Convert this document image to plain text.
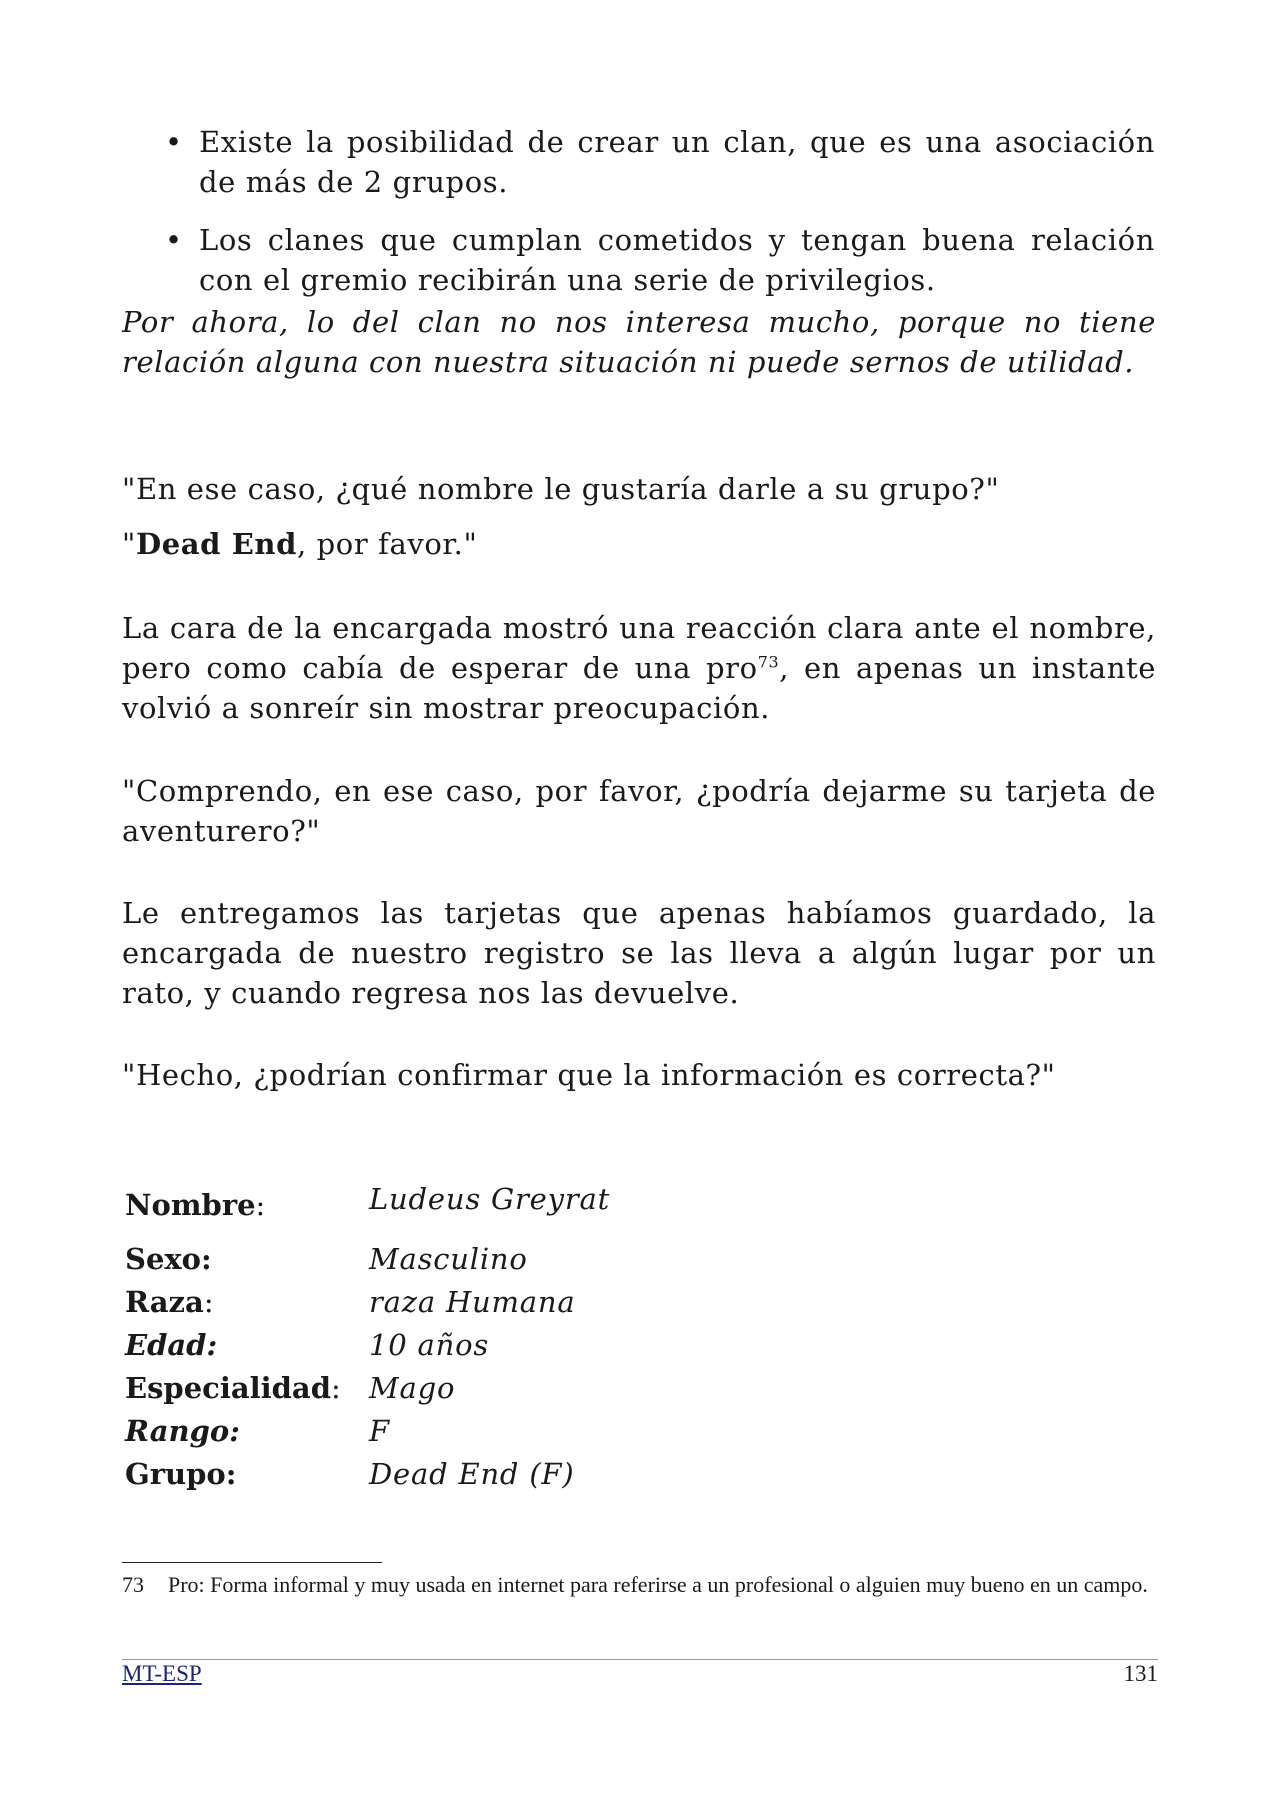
• Existe la posibilidad de crear un clan, que es una asociación de más de 2 grupos.
• Los clanes que cumplan cometidos y tengan buena relación con el gremio recibirán una serie de privilegios.

Por ahora, lo del clan no nos interesa mucho, porque no tiene relación alguna con nuestra situación ni puede sernos de utilidad.

"En ese caso, ¿qué nombre le gustaría darle a su grupo?"

"Dead End, por favor."

La cara de la encargada mostró una reacción clara ante el nombre, pero como cabía de esperar de una pro$^{73}$, en apenas un instante volvió a sonreír sin mostrar preocupación.

"Comprendo, en ese caso, por favor, ¿podría dejarme su tarjeta de aventurero?"

Le entregamos las tarjetas que apenas habíamos guardado, la encargada de nuestro registro se las lleva a algún lugar por un rato, y cuando regresa nos las devuelve.

"Hecho, ¿podrían confirmar que la información es correcta?"

Nombre:	Ludeus Greyrat
Sexo:	Masculino
Raza:	raza Humana
Edad:	10 años
Especialidad: Mago
Rango:	F
Grupo:	Dead End (F)
73 Pro: Forma informal y muy usada en internet para referirse a un profesional o alguien muy bueno en un campo.
MT-ESP	131
